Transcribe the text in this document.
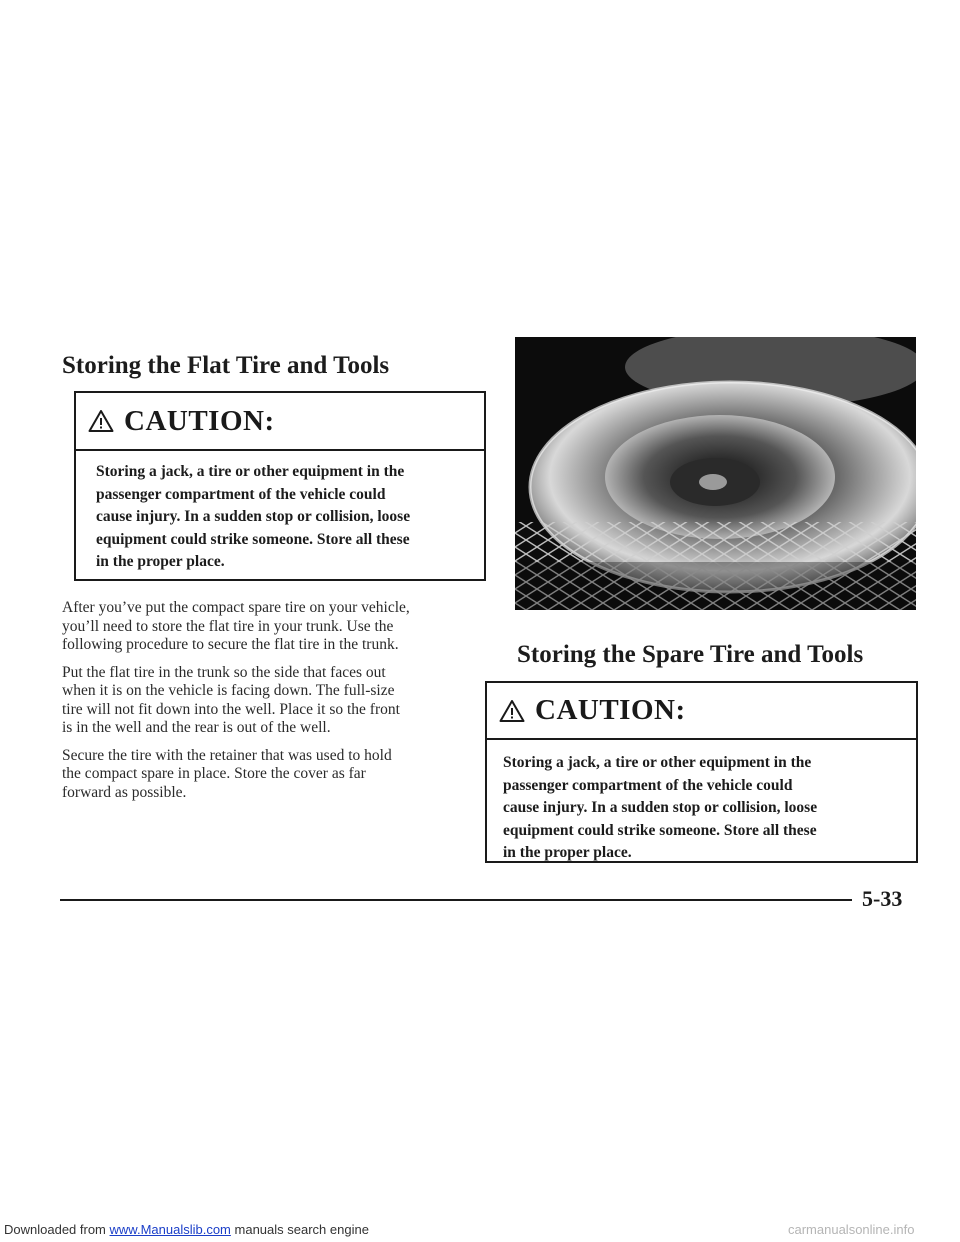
Storing the Flat Tire and Tools
CAUTION:
Storing a jack, a tire or other equipment in the
passenger compartment of the vehicle could
cause injury. In a sudden stop or collision, loose
equipment could strike someone. Store all these
in the proper place.

After you’ve put the compact spare tire on your vehicle,
you’ll need to store the flat tire in your trunk. Use the
following procedure to secure the flat tire in the trunk.

Put the flat tire in the trunk so the side that faces out
when it is on the vehicle is facing down. The full-size
tire will not fit down into the well. Place it so the front
is in the well and the rear is out of the well.

Secure the tire with the retainer that was used to hold
the compact spare in place. Store the cover as far
forward as possible.

Storing the Spare Tire and Tools
CAUTION:
Storing a jack, a tire or other equipment in the
passenger compartment of the vehicle could
cause injury. In a sudden stop or collision, loose
equipment could strike someone. Store all these
in the proper place.
5-33
Downloaded from www.Manualslib.com manuals search engine	carmanualsonline.info
